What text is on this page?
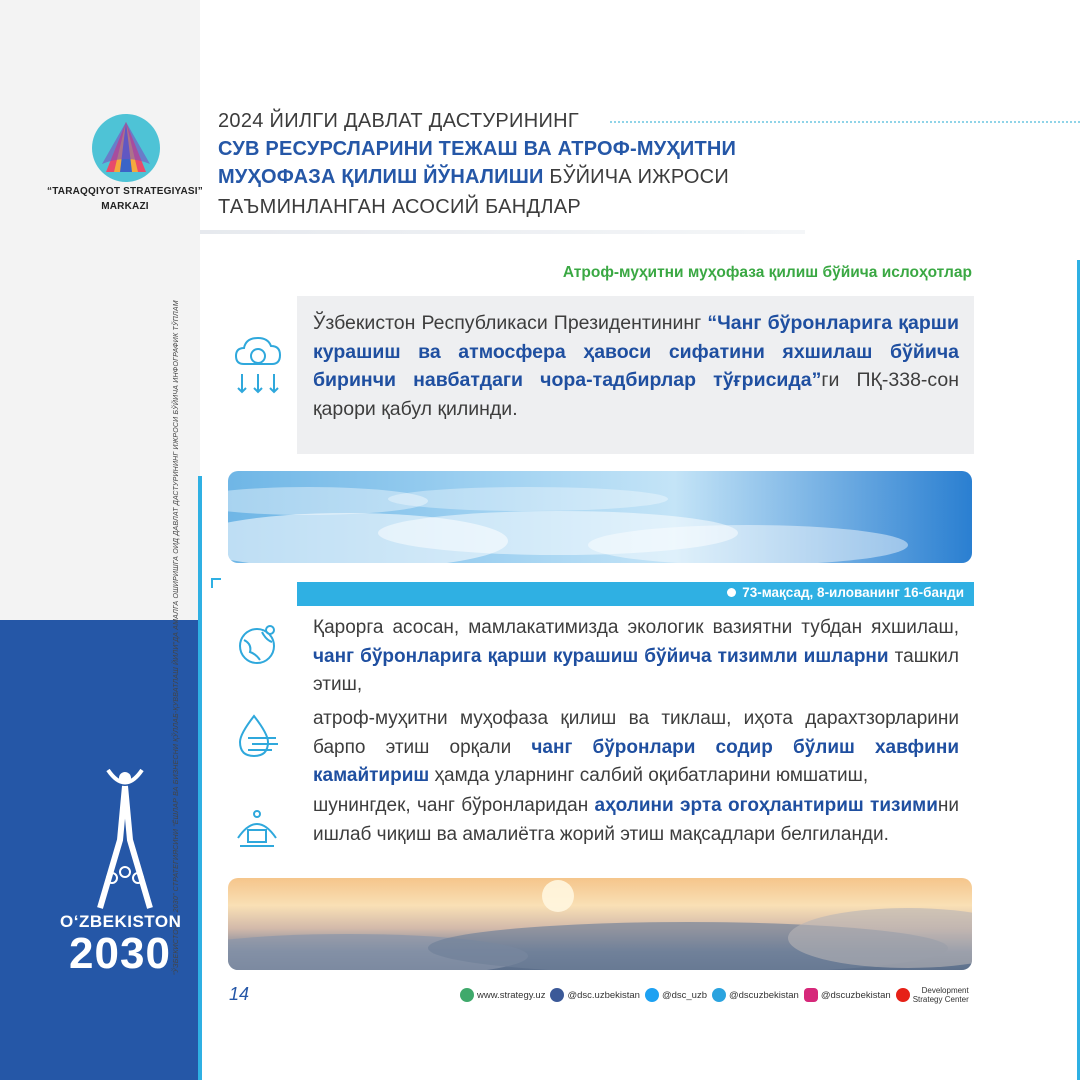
“TARAQQIYOT STRATEGIYASI”
MARKAZI
“ЎЗБЕКИСТОН — 2030” СТРАТЕГИЯСИНИ “ЁШЛАР ВА БИЗНЕСНИ ҚЎЛЛАБ-ҚУВВАТЛАШ ЙИЛИ”ДА АМАЛГА ОШИРИШГА ОИД ДАВЛАТ ДАСТУРИНИНГ ИЖРОСИ БЎЙИЧА ИНФОГРАФИК ТЎПЛАМ
O‘ZBEKISTON
2030
2024 ЙИЛГИ ДАВЛАТ ДАСТУРИНИНГ
СУВ РЕСУРСЛАРИНИ ТЕЖАШ ВА АТРОФ-МУҲИТНИ
МУҲОФАЗА ҚИЛИШ ЙЎНАЛИШИ БЎЙИЧА ИЖРОСИ
ТАЪМИНЛАНГАН АСОСИЙ БАНДЛАР
Атроф-муҳитни муҳофаза қилиш бўйича ислоҳотлар
Ўзбекистон Республикаси Президентининг “Чанг бўронларига қарши курашиш ва атмосфера ҳавоси сифатини яхшилаш бўйича биринчи навбатдаги чора-тадбирлар тўғрисида”ги ПҚ-338-сон қарори қабул қилинди.
73-мақсад, 8-илованинг 16-банди
Қарорга асосан, мамлакатимизда экологик вазиятни тубдан яхшилаш, чанг бўронларига қарши курашиш бўйича тизимли ишларни ташкил этиш,
атроф-муҳитни муҳофаза қилиш ва тиклаш, иҳота дарахтзорларини барпо этиш орқали чанг бўронлари содир бўлиш хавфини камайтириш ҳамда уларнинг салбий оқибатларини юмшатиш,
шунингдек, чанг бўронларидан аҳолини эрта огоҳлантириш тизимини ишлаб чиқиш ва амалиётга жорий этиш мақсадлари белгиланди.
14	www.strategy.uz @dsc.uzbekistan @dsc_uzb @dscuzbekistan @dscuzbekistan	Development
Strategy Center
